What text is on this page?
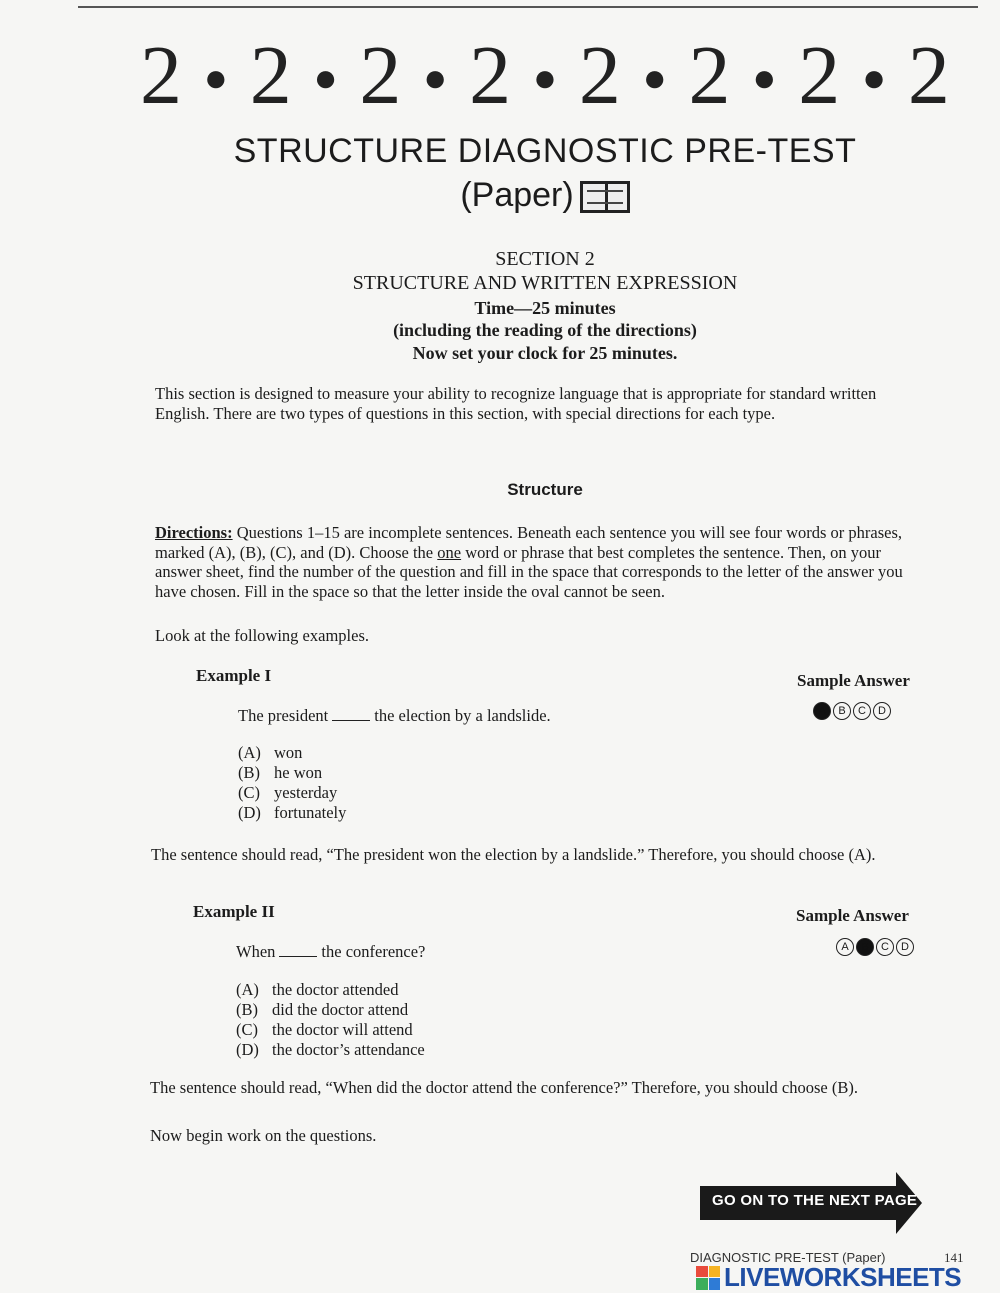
2 ● 2 ● 2 ● 2 ● 2 ● 2 ● 2 ● 2
STRUCTURE DIAGNOSTIC PRE-TEST
(Paper)
SECTION 2
STRUCTURE AND WRITTEN EXPRESSION
Time—25 minutes
(including the reading of the directions)
Now set your clock for 25 minutes.

This section is designed to measure your ability to recognize language that is appropriate for standard written English. There are two types of questions in this section, with special directions for each type.

Structure

Directions: Questions 1–15 are incomplete sentences. Beneath each sentence you will see four words or phrases, marked (A), (B), (C), and (D). Choose the one word or phrase that best completes the sentence. Then, on your answer sheet, find the number of the question and fill in the space that corresponds to the letter of the answer you have chosen. Fill in the space so that the letter inside the oval cannot be seen.

Look at the following examples.

Example I	Sample Answer
The president	the election by a landslide.	A	B	C	D
(A) won
(B) he won
(C) yesterday
(D) fortunately

The sentence should read, “The president won the election by a landslide.” Therefore, you should choose (A).

Example II	Sample Answer
When	the conference?	A	B	C	D
(A) the doctor attended
(B) did the doctor attend
(C) the doctor will attend
(D) the doctor’s attendance

The sentence should read, “When did the doctor attend the conference?” Therefore, you should choose (B).

Now begin work on the questions.

GO ON TO THE NEXT PAGE
DIAGNOSTIC PRE-TEST (Paper)	141
LIVEWORKSHEETS
